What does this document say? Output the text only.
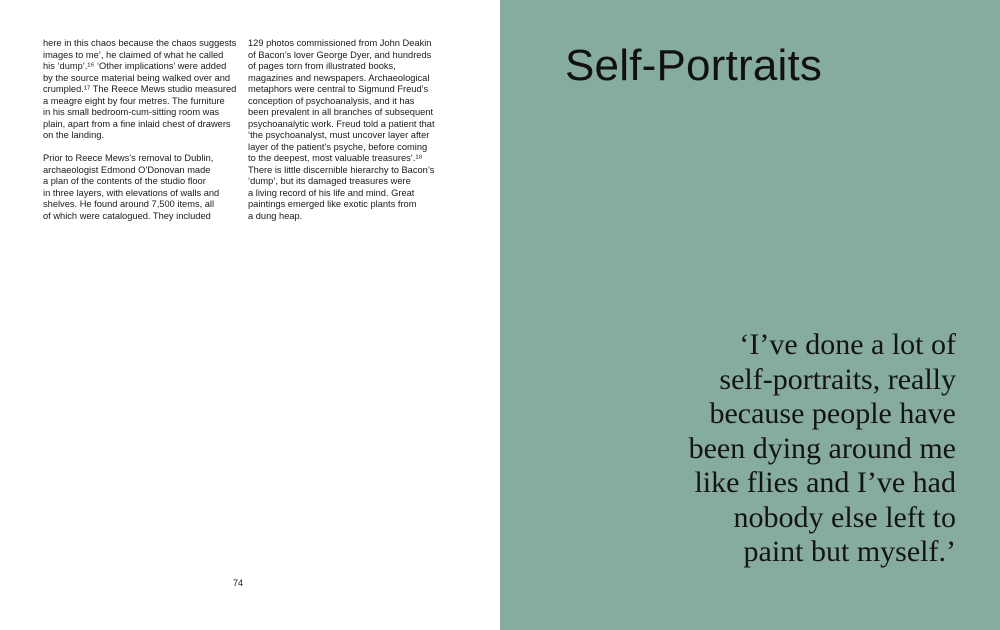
here in this chaos because the chaos suggests
images to me’, he claimed of what he called
his ‘dump’.¹⁶ ‘Other implications’ were added
by the source material being walked over and
crumpled.¹⁷ The Reece Mews studio measured
a meagre eight by four metres. The furniture
in his small bedroom-cum-sitting room was
plain, apart from a fine inlaid chest of drawers
on the landing.
Prior to Reece Mews’s removal to Dublin,
archaeologist Edmond O’Donovan made
a plan of the contents of the studio floor
in three layers, with elevations of walls and
shelves. He found around 7,500 items, all
of which were catalogued. They included
129 photos commissioned from John Deakin
of Bacon’s lover George Dyer, and hundreds
of pages torn from illustrated books,
magazines and newspapers. Archaeological
metaphors were central to Sigmund Freud’s
conception of psychoanalysis, and it has
been prevalent in all branches of subsequent
psychoanalytic work. Freud told a patient that
‘the psychoanalyst, must uncover layer after
layer of the patient’s psyche, before coming
to the deepest, most valuable treasures’.¹⁸
There is little discernible hierarchy to Bacon’s
‘dump’, but its damaged treasures were
a living record of his life and mind. Great
paintings emerged like exotic plants from
a dung heap.
74
Self-Portraits
‘I’ve done a lot of
self-portraits, really
because people have
been dying around me
like flies and I’ve had
nobody else left to
paint but myself.’
